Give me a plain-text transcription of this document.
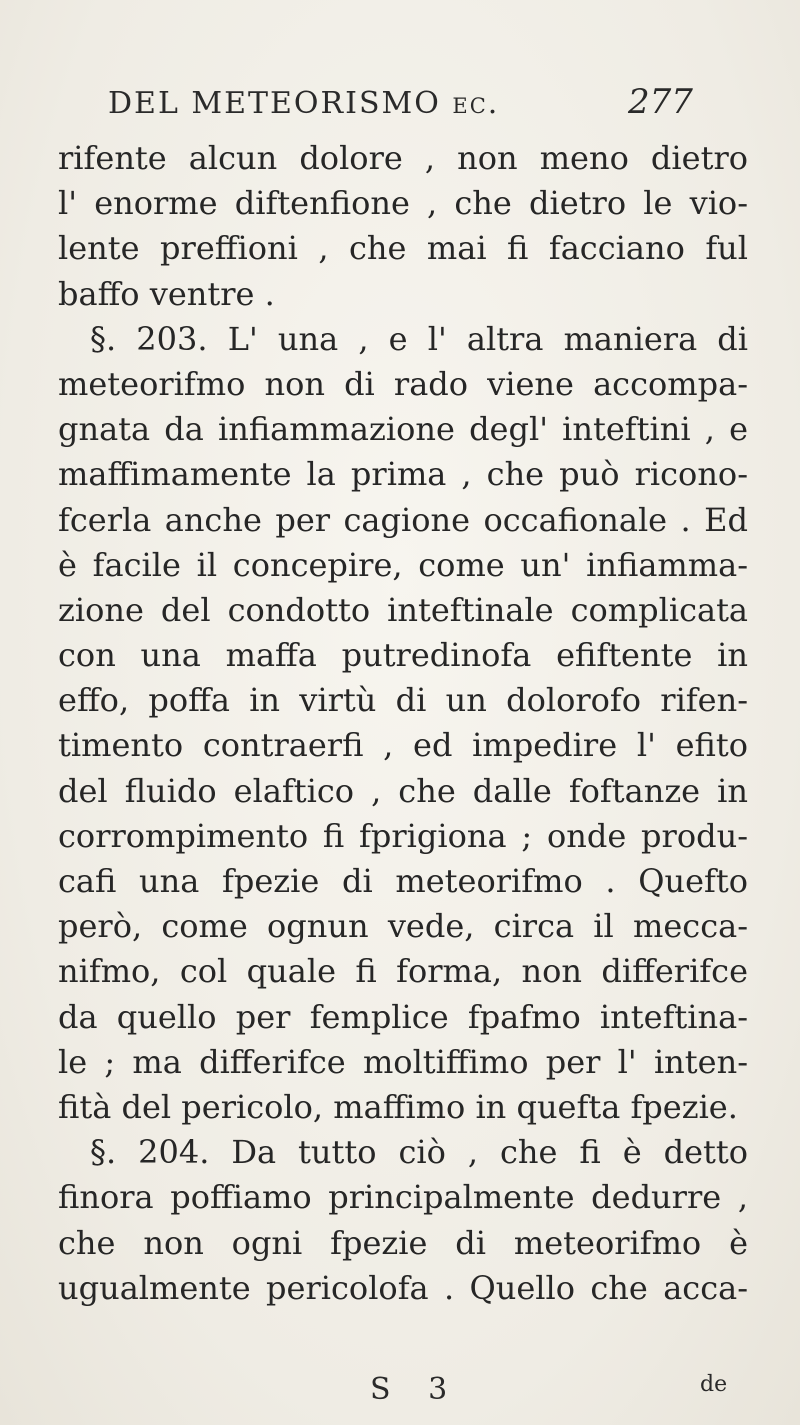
DEL METEORISMO ec.	277
rifente alcun dolore , non meno dietro
l' enorme diftenfione , che dietro le vio-
lente preffioni , che mai fi facciano ful
baffo ventre .
§. 203. L' una , e l' altra maniera di
meteorifmo non di rado viene accompa-
gnata da infiammazione degl' inteftini , e
maffimamente la prima , che può ricono-
fcerla anche per cagione occafionale . Ed
è facile il concepire, come un' infiamma-
zione del condotto inteftinale complicata
con una maffa putredinofa efiftente in
effo, poffa in virtù di un dolorofo rifen-
timento contraerfi , ed impedire l' efito
del fluido elaftico , che dalle foftanze in
corrompimento fi fprigiona ; onde produ-
cafi una fpezie di meteorifmo . Quefto
però, come ognun vede, circa il mecca-
nifmo, col quale fi forma, non differifce
da quello per femplice fpafmo inteftina-
le ; ma differifce moltiffimo per l' inten-
fità del pericolo, maffimo in quefta fpezie.
§. 204. Da tutto ciò , che fi è detto
finora poffiamo principalmente dedurre ,
che non ogni fpezie di meteorifmo è
ugualmente pericolofa . Quello che acca-
S 3	de
